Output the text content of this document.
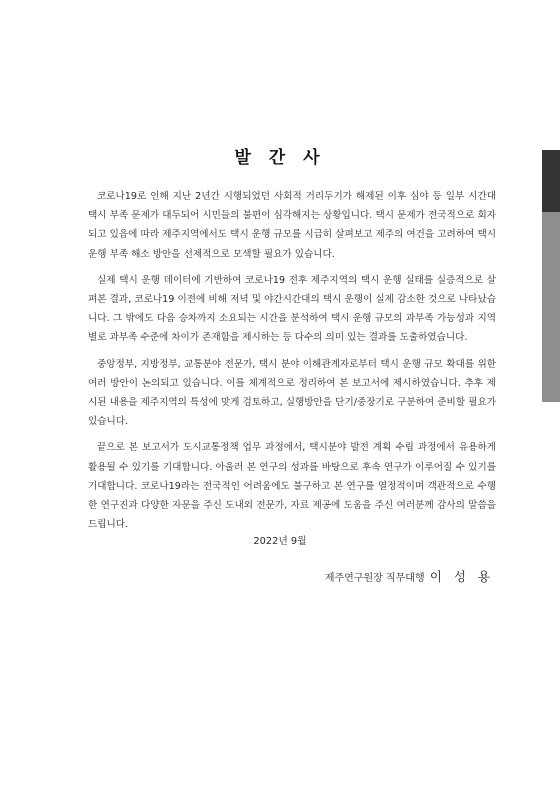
발 간 사

코로나19로 인해 지난 2년간 시행되었던 사회적 거리두기가 해제된 이후 심야 등 일부 시간대 택시 부족 문제가 대두되어 시민들의 불편이 심각해지는 상황입니다. 택시 문제가 전국적으로 회자되고 있음에 따라 제주지역에서도 택시 운행 규모를 시급히 살펴보고 제주의 여건을 고려하여 택시 운행 부족 해소 방안을 선제적으로 모색할 필요가 있습니다.

실제 택시 운행 데이터에 기반하여 코로나19 전후 제주지역의 택시 운행 실태를 실증적으로 살펴본 결과, 코로나19 이전에 비해 저녁 및 야간시간대의 택시 운행이 실제 감소한 것으로 나타났습니다. 그 밖에도 다음 승차까지 소요되는 시간을 분석하여 택시 운행 규모의 과부족 가능성과 지역별로 과부족 수준에 차이가 존재함을 제시하는 등 다수의 의미 있는 결과를 도출하였습니다.

중앙정부, 지방정부, 교통분야 전문가, 택시 분야 이해관계자로부터 택시 운행 규모 확대를 위한 여러 방안이 논의되고 있습니다. 이를 체계적으로 정리하여 본 보고서에 제시하였습니다. 추후 제시된 내용을 제주지역의 특성에 맞게 검토하고, 실행방안을 단기/중장기로 구분하여 준비할 필요가 있습니다.

끝으로 본 보고서가 도시교통정책 업무 과정에서, 택시분야 발전 계획 수립 과정에서 유용하게 활용될 수 있기를 기대합니다. 아울러 본 연구의 성과를 바탕으로 후속 연구가 이루어질 수 있기를 기대합니다. 코로나19라는 전국적인 어려움에도 불구하고 본 연구를 열정적이며 객관적으로 수행한 연구진과 다양한 자문을 주신 도내외 전문가, 자료 제공에 도움을 주신 여러분께 감사의 말씀을 드립니다.

2022년 9월
제주연구원장 직무대행 이 성 용
